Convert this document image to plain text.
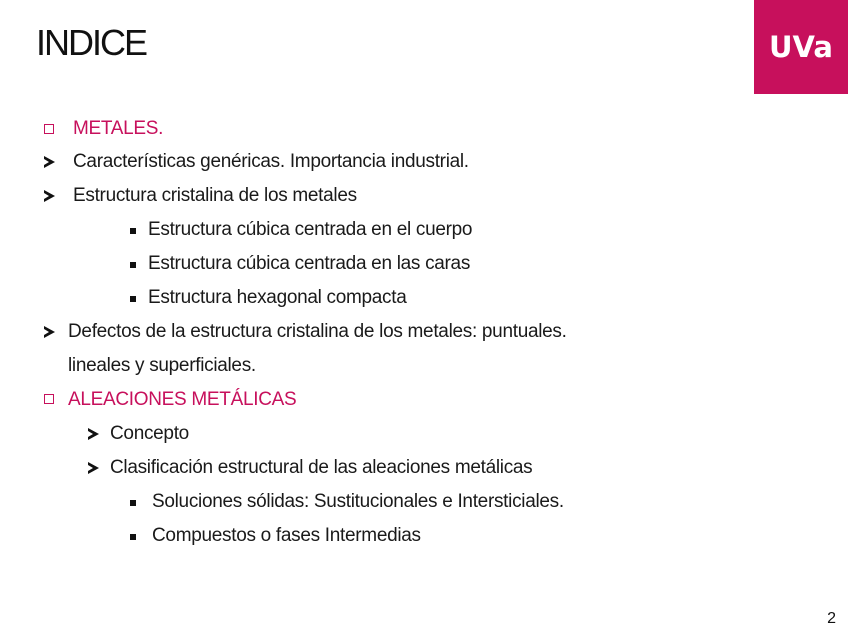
INDICE	UVa
METALES.
Características genéricas. Importancia industrial.
Estructura cristalina de los metales
Estructura cúbica centrada en el cuerpo
Estructura cúbica centrada en las caras
Estructura hexagonal compacta
Defectos de la estructura cristalina de los metales: puntuales.
lineales y superficiales.
ALEACIONES METÁLICAS
Concepto
Clasificación estructural de las aleaciones metálicas
Soluciones sólidas: Sustitucionales e Intersticiales.
Compuestos o fases Intermedias
2
